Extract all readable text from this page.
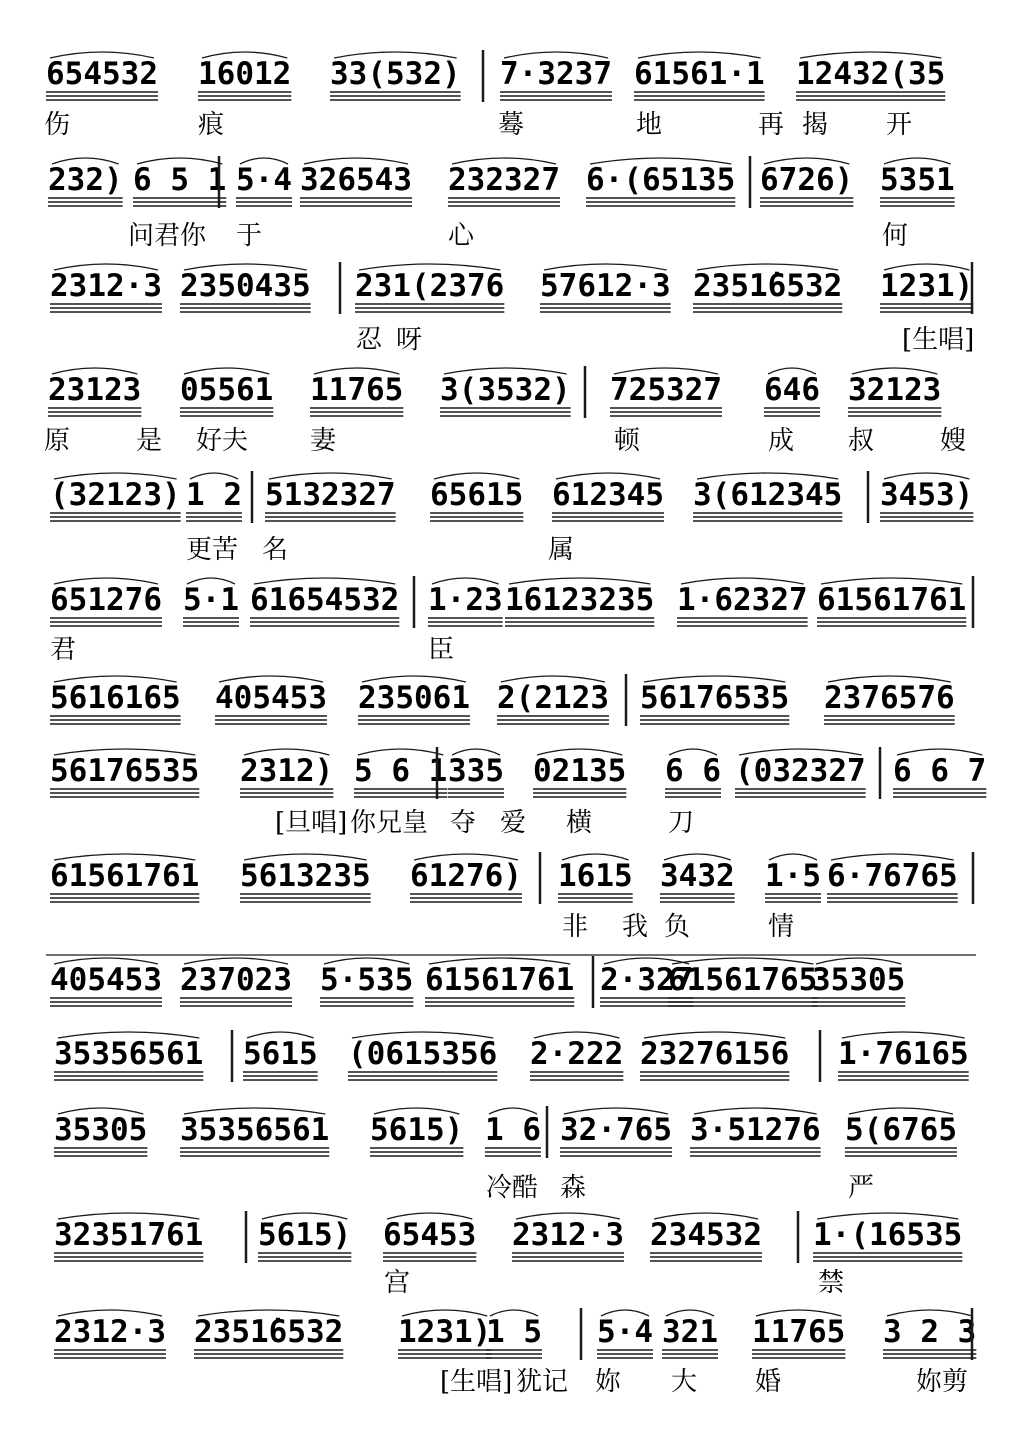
654532 16012 33(532) 7·3237 61561·1 12432(35
伤	痕	蓦	地	再 揭 开
232) 6 5 1 5·4 326543 232327 6·(65135 6726) 5351
问君你 于	心	何
2312·3 2350435 231(2376 57612·3 2351̇6532 1231)
忍 呀	[生唱]
23123 05561 11765 3(3532) 725327 646 32123
原	是 好夫 妻	顿	成 叔	嫂
(32123) 1 2 5132327 65615 612345 3(612345 3453)
更苦 名	属
651276 5·1 61654532 1·23 16123235 1·62327 61561761
君	臣
5616165 405453 235061 2(2123 56176535 2376576
56176535 2312) 5 6 1 335 02135 6 6 (032327 6 6 7
[旦唱] 你兄皇 夺 爱 横	刀
61561761 5613235 61276) 1615 3432 1·5 6·76765
非 我 负	情
405453 237023 5·535 61561761 2·327
61561765
35305
35356561 5615 (0615356 2·222 23276156 1·76165
35305 35356561 5615) 1 6 32·765 3·51276 5(6765
冷酷 森	严
32351761 5615) 65453 2312·3 234532 1·(16535
宫	禁
2312·3 2351̇6532 1231)
1 5 5·4 321 11765 3 2 3
[生唱] 犹记 妳 大 婚	妳剪
